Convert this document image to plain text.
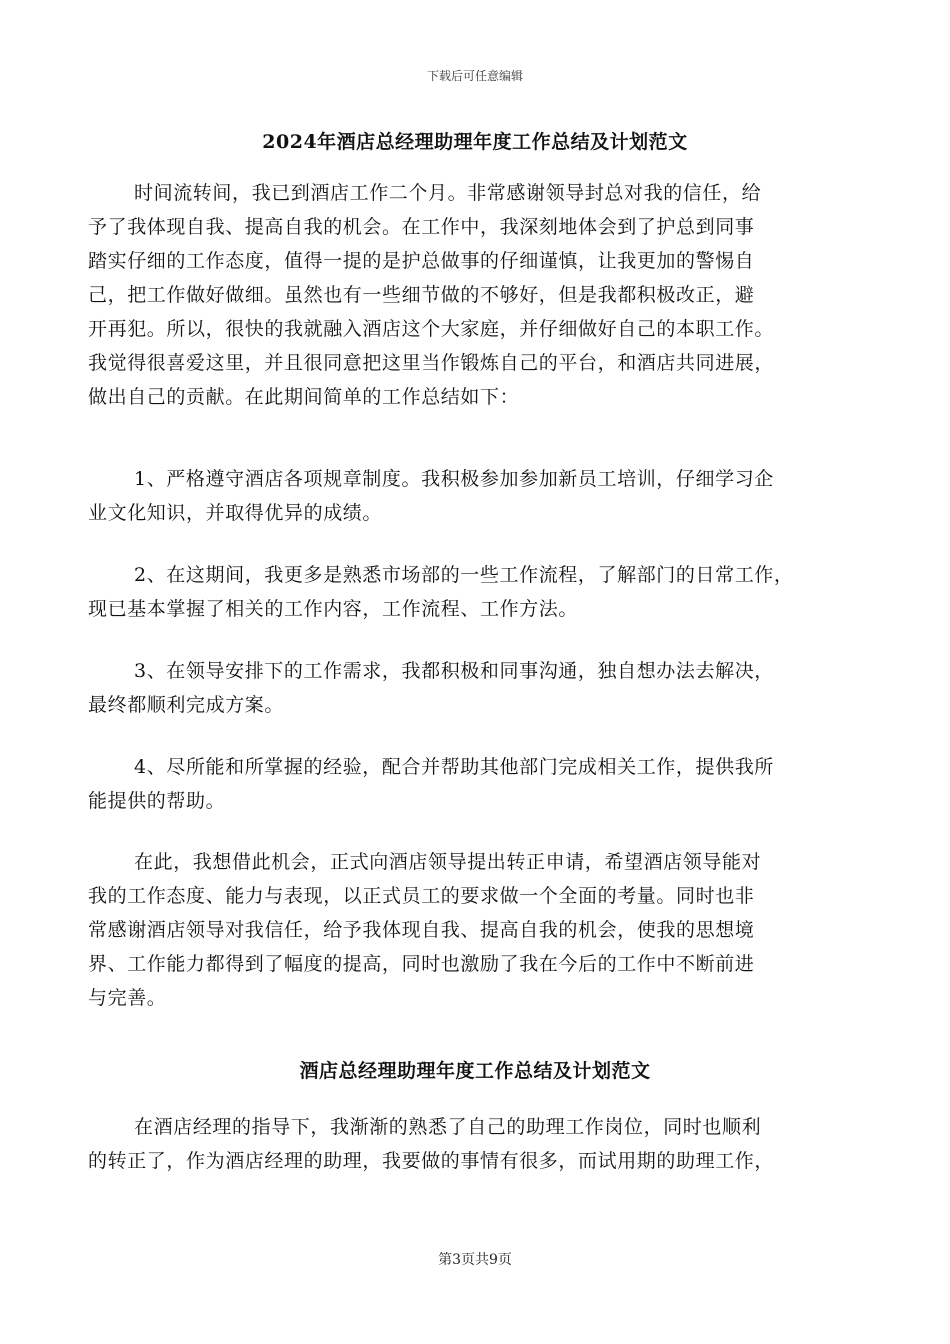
下载后可任意编辑
2024年酒店总经理助理年度工作总结及计划范文
时间流转间，我已到酒店工作二个月。非常感谢领导封总对我的信任，给
予了我体现自我、提高自我的机会。在工作中，我深刻地体会到了护总到同事
踏实仔细的工作态度，值得一提的是护总做事的仔细谨慎，让我更加的警惕自
己，把工作做好做细。虽然也有一些细节做的不够好，但是我都积极改正，避
开再犯。所以，很快的我就融入酒店这个大家庭，并仔细做好自己的本职工作。
我觉得很喜爱这里，并且很同意把这里当作锻炼自己的平台，和酒店共同进展，
做出自己的贡献。在此期间简单的工作总结如下：
1、严格遵守酒店各项规章制度。我积极参加参加新员工培训，仔细学习企
业文化知识，并取得优异的成绩。
2、在这期间，我更多是熟悉市场部的一些工作流程，了解部门的日常工作，
现已基本掌握了相关的工作内容，工作流程、工作方法。
3、在领导安排下的工作需求，我都积极和同事沟通，独自想办法去解决，
最终都顺利完成方案。
4、尽所能和所掌握的经验，配合并帮助其他部门完成相关工作，提供我所
能提供的帮助。
在此，我想借此机会，正式向酒店领导提出转正申请，希望酒店领导能对
我的工作态度、能力与表现，以正式员工的要求做一个全面的考量。同时也非
常感谢酒店领导对我信任，给予我体现自我、提高自我的机会，使我的思想境
界、工作能力都得到了幅度的提高，同时也激励了我在今后的工作中不断前进
与完善。
酒店总经理助理年度工作总结及计划范文
在酒店经理的指导下，我渐渐的熟悉了自己的助理工作岗位，同时也顺利
的转正了，作为酒店经理的助理，我要做的事情有很多，而试用期的助理工作，
第3页共9页
